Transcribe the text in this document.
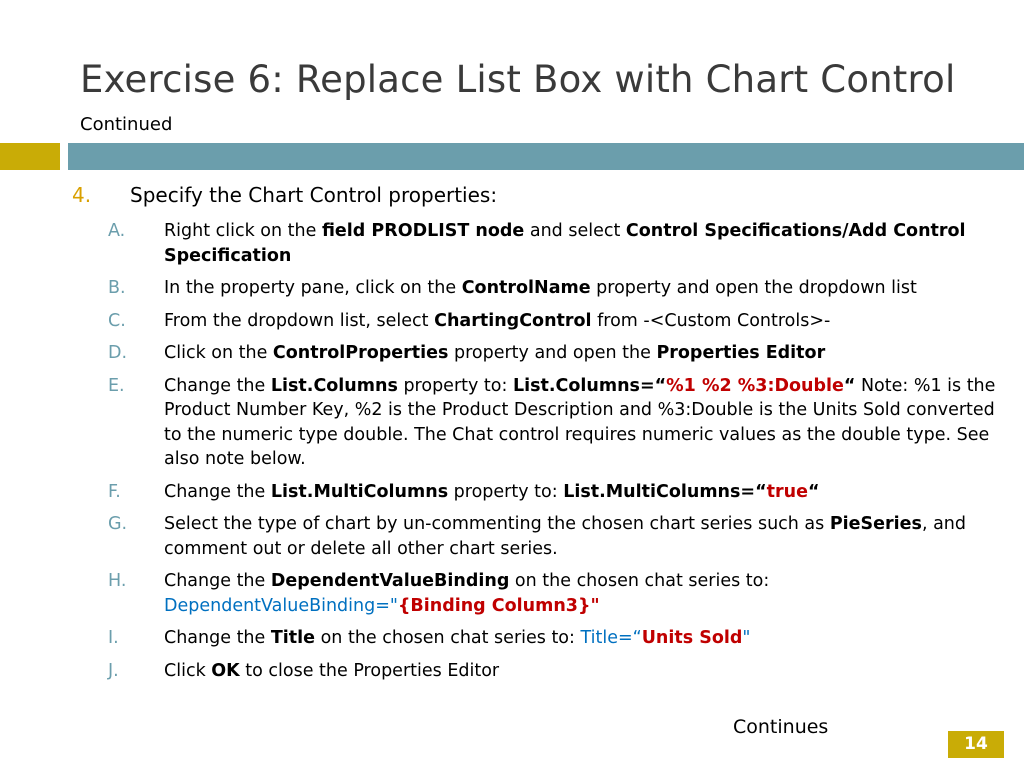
Exercise 6: Replace List Box with Chart Control
Continued
4. Specify the Chart Control properties:
A.	Right click on the field PRODLIST node and select Control Specifications/Add Control Specification
B.	In the property pane, click on the ControlName property and open the dropdown list
C.	From the dropdown list, select ChartingControl from -<Custom Controls>-
D.	Click on the ControlProperties property and open the Properties Editor
E.	Change the List.Columns property to: List.Columns=“%1 %2 %3:Double“ Note: %1 is the Product Number Key, %2 is the Product Description and %3:Double is the Units Sold converted to the numeric type double. The Chat control requires numeric values as the double type. See also note below.
F.	Change the List.MultiColumns property to: List.MultiColumns=“true“
G.	Select the type of chart by un-commenting the chosen chart series such as PieSeries, and comment out or delete all other chart series.
H.	Change the DependentValueBinding on the chosen chat series to: DependentValueBinding="{Binding Column3}"
I.	Change the Title on the chosen chat series to: Title=“Units Sold"
J.	Click OK to close the Properties Editor
Continues
14
